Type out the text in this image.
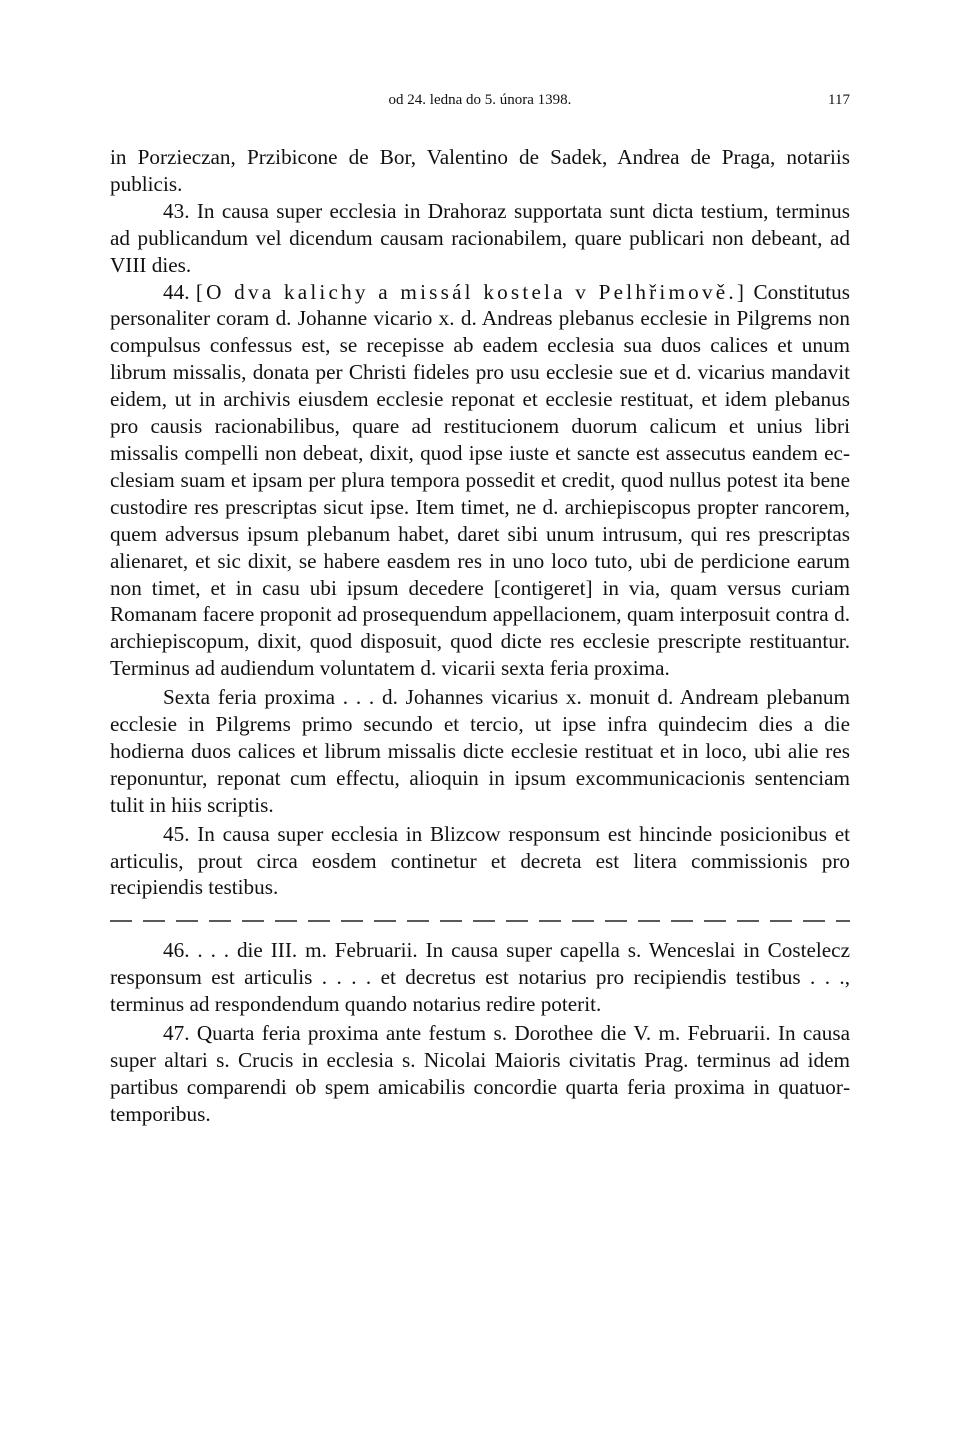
od 24. ledna do 5. února 1398.	117

in Porzieczan, Przibicone de Bor, Valentino de Sadek, Andrea de Praga, notariis publicis.

43. In causa super ecclesia in Drahoraz supportata sunt dicta testium, terminus ad publicandum vel dicendum causam racionabilem, quare publicari non debeant, ad VIII dies.

44. [O dva kalichy a missál kostela v Pelhřimově.] Constitutus personaliter coram d. Johanne vicario x. d. Andreas plebanus ecclesie in Pilgrems non compulsus confessus est, se recepisse ab eadem ecclesia sua duos calices et unum librum missalis, donata per Christi fideles pro usu ecclesie sue et d. vicarius mandavit eidem, ut in archivis eiusdem ecclesie reponat et ecclesie restituat, et idem plebanus pro causis racionabilibus, quare ad restitucionem duorum calicum et unius libri missalis compelli non debeat, dixit, quod ipse iuste et sancte est assecutus eandem ecclesiam suam et ipsam per plura tempora possedit et credit, quod nullus potest ita bene custodire res prescriptas sicut ipse. Item timet, ne d. archiepiscopus propter rancorem, quem adversus ipsum plebanum habet, daret sibi unum intrusum, qui res prescriptas alienaret, et sic dixit, se habere easdem res in uno loco tuto, ubi de perdicione earum non timet, et in casu ubi ipsum decedere [contigeret] in via, quam versus curiam Romanam facere proponit ad prosequendum appellacionem, quam interposuit contra d. archiepiscopum, dixit, quod disposuit, quod dicte res ecclesie prescripte restituantur. Terminus ad audiendum voluntatem d. vicarii sexta feria proxima.

Sexta feria proxima . . . d. Johannes vicarius x. monuit d. Andream plebanum ecclesie in Pilgrems primo secundo et tercio, ut ipse infra quindecim dies a die hodierna duos calices et librum missalis dicte ecclesie restituat et in loco, ubi alie res reponuntur, reponat cum effectu, alioquin in ipsum excommunicacionis sentenciam tulit in hiis scriptis.

45. In causa super ecclesia in Blizcow responsum est hincinde posicionibus et articulis, prout circa eosdem continetur et decreta est litera commissionis pro recipiendis testibus.

46. . . . die III. m. Februarii. In causa super capella s. Wenceslai in Costelecz responsum est articulis . . . . et decretus est notarius pro recipiendis testibus . . ., terminus ad respondendum quando notarius redire poterit.

47. Quarta feria proxima ante festum s. Dorothee die V. m. Februarii. In causa super altari s. Crucis in ecclesia s. Nicolai Maioris civitatis Prag. terminus ad idem partibus comparendi ob spem amicabilis concordie quarta feria proxima in quatuortemporibus.
